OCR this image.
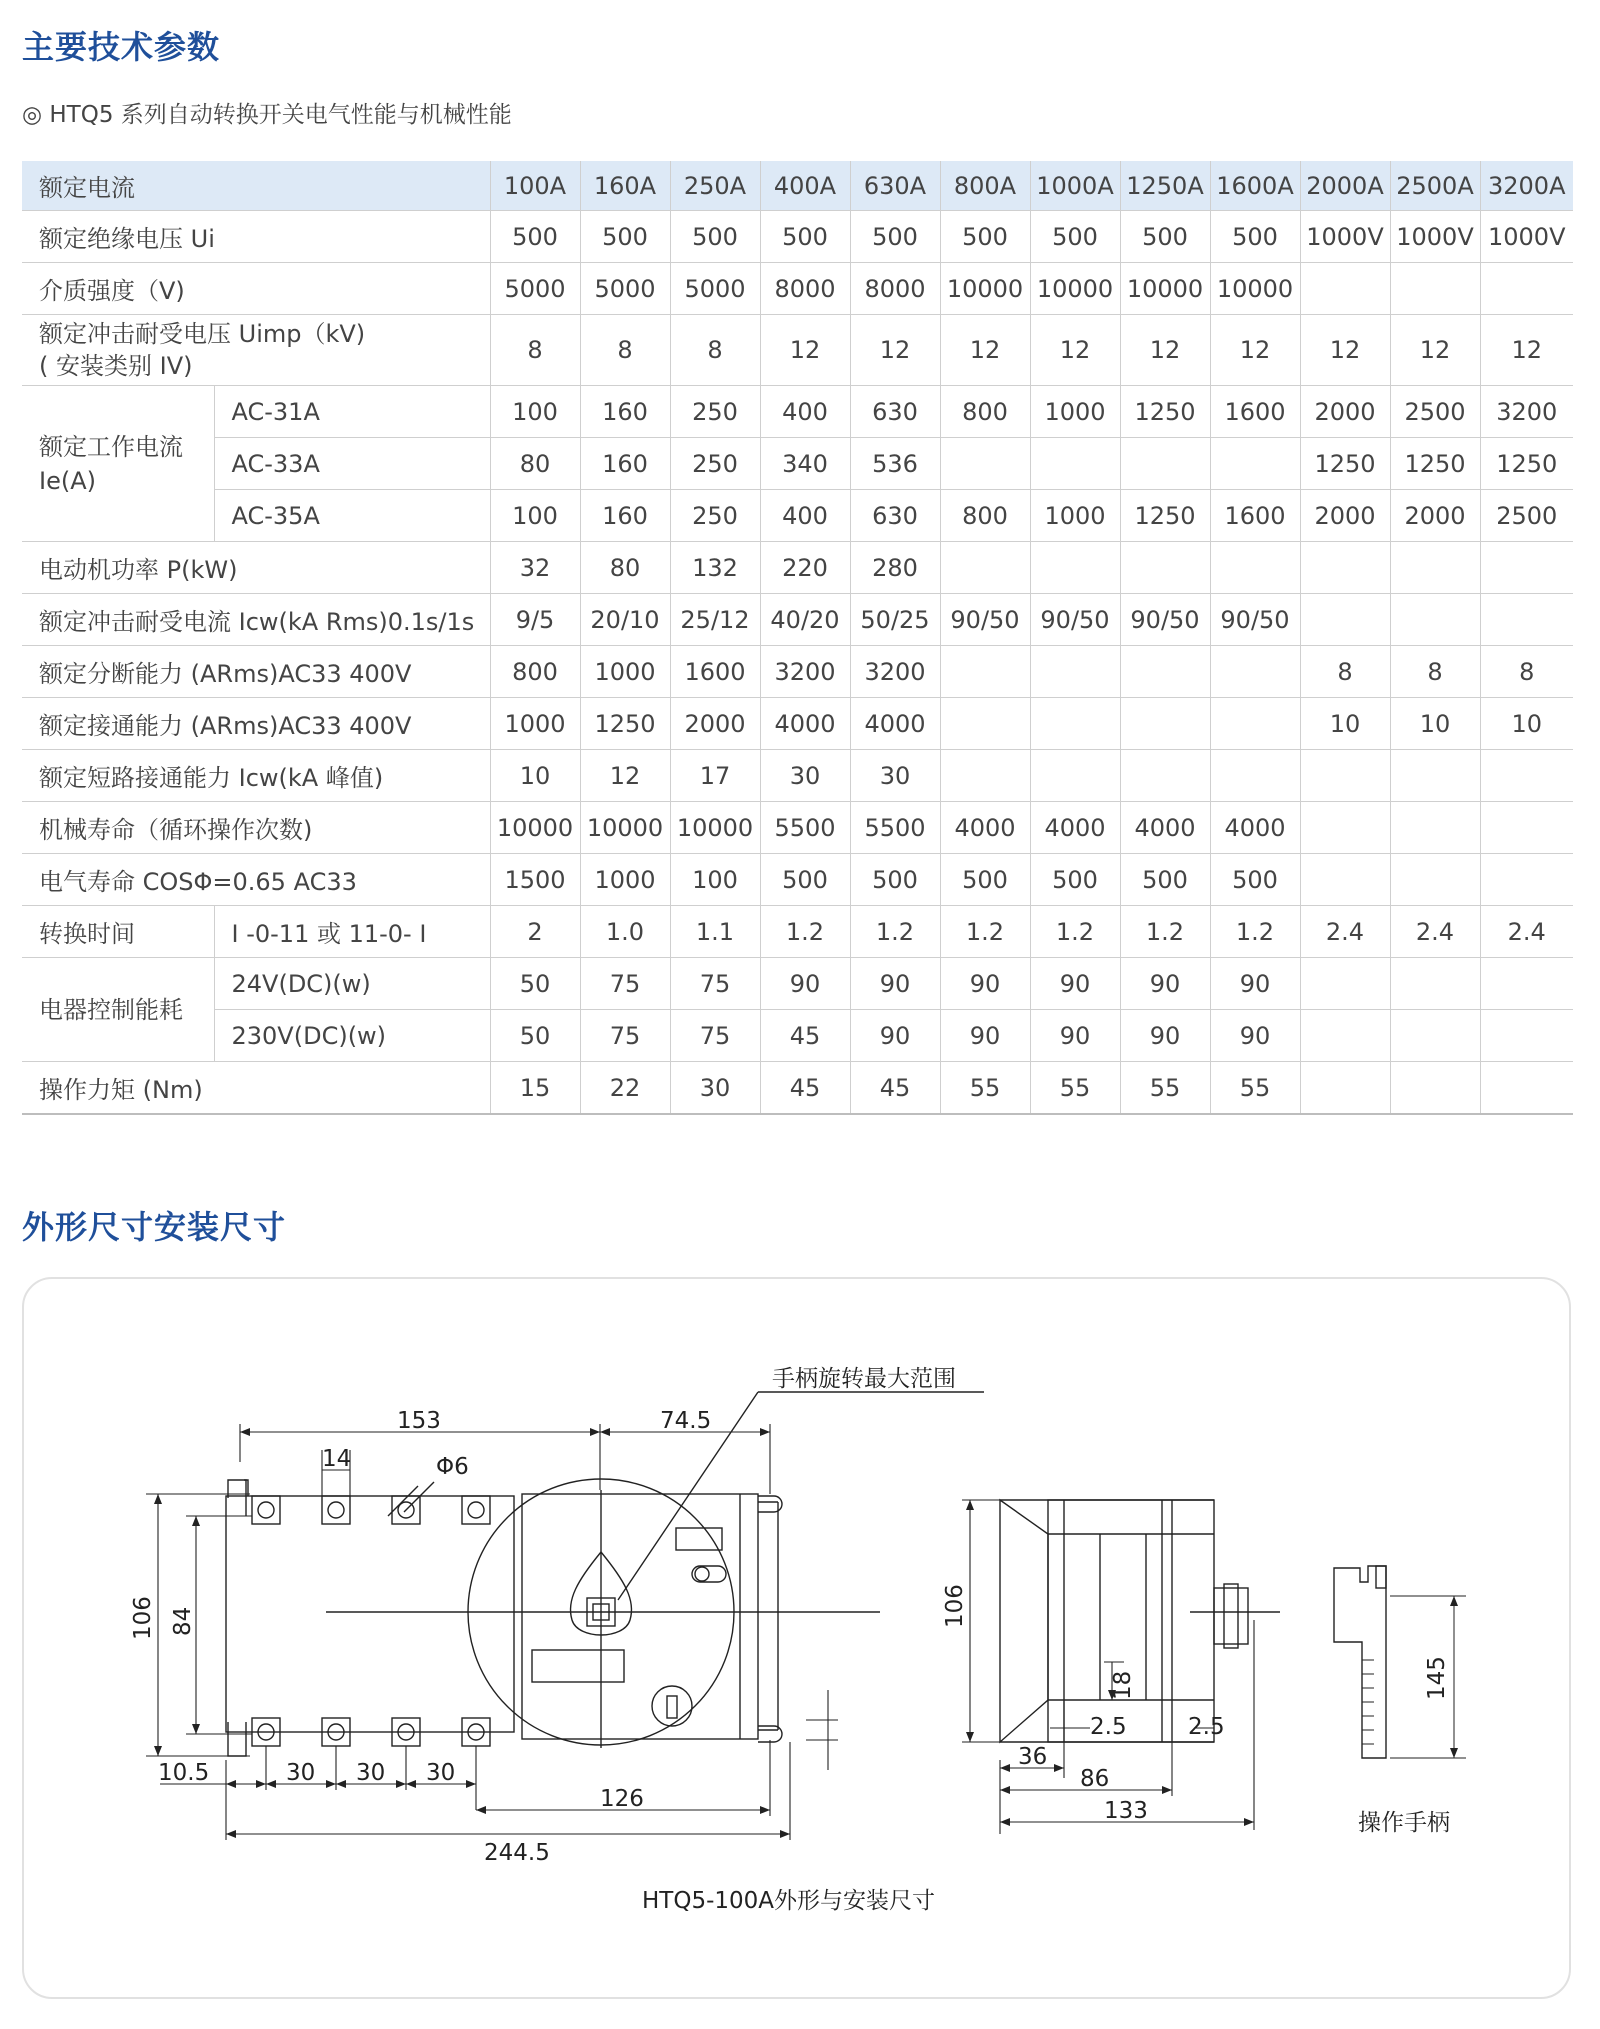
主要技术参数
◎ HTQ5 系列自动转换开关电气性能与机械性能
额定电流		100A	160A	250A	400A	630A	800A	1000A	1250A	1600A	2000A	2500A	3200A
额定绝缘电压 Ui		500	500	500	500	500	500	500	500	500	1000V	1000V	1000V
介质强度（V)		5000	5000	5000	8000	8000	10000	10000	10000	10000			

额定冲击耐受电压 Uimp（kV)
( 安装类别 IV)		8	8	8	12	12	12	12	12	12	12	12	12

额定工作电流
Ie(A)	AC-31A	100	160	250	400	630	800	1000	1250	1600	2000	2500	3200
	AC-33A	80	160	250	340	536					1250	1250	1250
	AC-35A	100	160	250	400	630	800	1000	1250	1600	2000	2000	2500
电动机功率 P(kW)		32	80	132	220	280							
额定冲击耐受电流 Icw(kA Rms)0.1s/1s		9/5	20/10	25/12	40/20	50/25	90/50	90/50	90/50	90/50			
额定分断能力 (ARms)AC33 400V		800	1000	1600	3200	3200					8	8	8
额定接通能力 (ARms)AC33 400V		1000	1250	2000	4000	4000					10	10	10
额定短路接通能力 Icw(kA 峰值)		10	12	17	30	30							
机械寿命（循环操作次数)		10000	10000	10000	5500	5500	4000	4000	4000	4000			
电气寿命 COSΦ=0.65 AC33		1500	1000	100	500	500	500	500	500	500			
转换时间	I -0-11 或 11-0- I	2	1.0	1.1	1.2	1.2	1.2	1.2	1.2	1.2	2.4	2.4	2.4
电器控制能耗	24V(DC)(w)	50	75	75	90	90	90	90	90	90			
	230V(DC)(w)	50	75	75	45	90	90	90	90	90			
操作力矩 (Nm)		15	22	30	45	45	55	55	55	55			
外形尺寸安装尺寸
153	74.5
14	Φ6
106 84
10.5	30 30 30
126
244.5
手柄旋转最大范围
106
18
2.5	2.5
36
86
133
145
操作手柄
HTQ5-100A外形与安装尺寸
